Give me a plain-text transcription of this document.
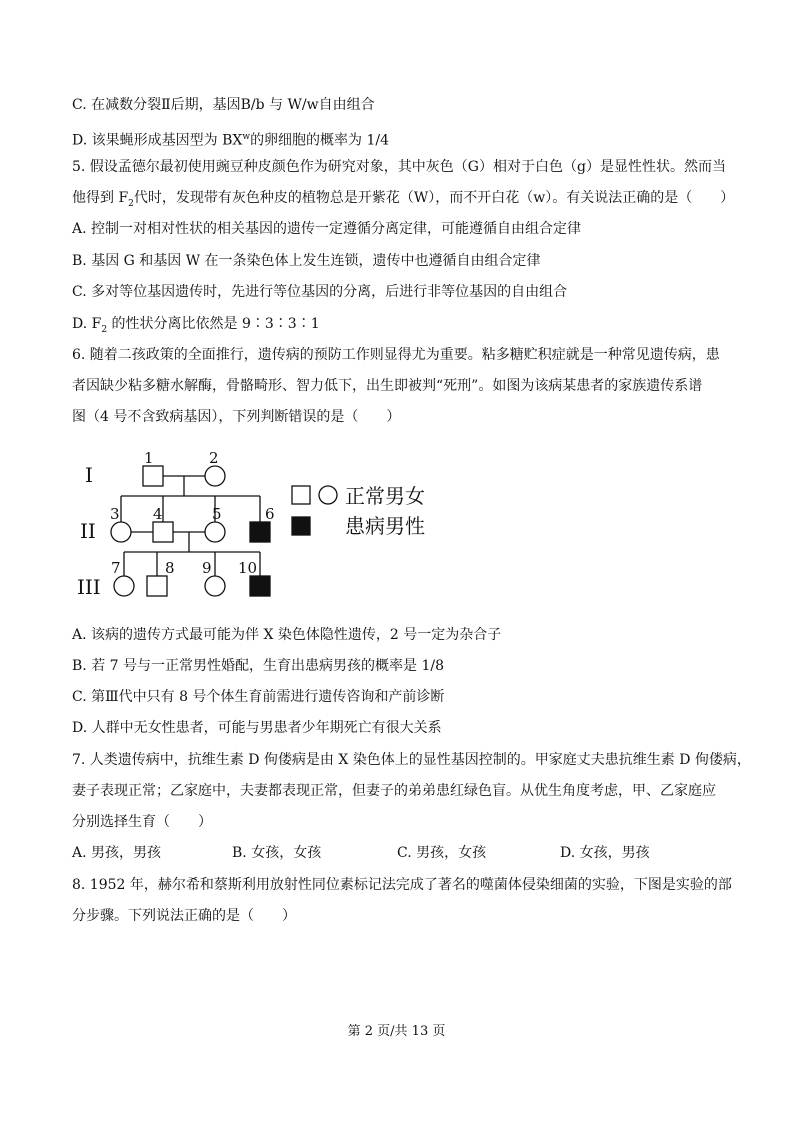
C. 在减数分裂Ⅱ后期，基因B/b 与 W/w自由组合
D. 该果蝇形成基因型为 $BX^w$的卵细胞的概率为 1/4
5. 假设孟德尔最初使用豌豆种皮颜色作为研究对象，其中灰色（G）相对于白色（g）是显性性状。然而当
他得到 $F_2$代时，发现带有灰色种皮的植物总是开紫花（W），而不开白花（w）。有关说法正确的是（　　）
A. 控制一对相对性状的相关基因的遗传一定遵循分离定律，可能遵循自由组合定律
B. 基因 G 和基因 W 在一条染色体上发生连锁，遗传中也遵循自由组合定律
C. 多对等位基因遗传时，先进行等位基因的分离，后进行非等位基因的自由组合
D. $F_2$ 的性状分离比依然是 9∶3∶3∶1
6. 随着二孩政策的全面推行，遗传病的预防工作则显得尤为重要。粘多糖贮积症就是一种常见遗传病，患
者因缺少粘多糖水解酶，骨骼畸形、智力低下，出生即被判“死刑”。如图为该病某患者的家族遗传系谱
图（4 号不含致病基因），下列判断错误的是（　　）
I
II
III
1	2
3 4	5	6
7	8 9 10
正常男女
患病男性
A. 该病的遗传方式最可能为伴 X 染色体隐性遗传，2 号一定为杂合子
B. 若 7 号与一正常男性婚配，生育出患病男孩的概率是 1/8
C. 第Ⅲ代中只有 8 号个体生育前需进行遗传咨询和产前诊断
D. 人群中无女性患者，可能与男患者少年期死亡有很大关系
7. 人类遗传病中，抗维生素 D 佝偻病是由 X 染色体上的显性基因控制的。甲家庭丈夫患抗维生素 D 佝偻病，
妻子表现正常；乙家庭中，夫妻都表现正常，但妻子的弟弟患红绿色盲。从优生角度考虑，甲、乙家庭应
分别选择生育（　　）
A. 男孩，男孩	B. 女孩，女孩	C. 男孩，女孩	D. 女孩，男孩
8. 1952 年，赫尔希和蔡斯利用放射性同位素标记法完成了著名的噬菌体侵染细菌的实验，下图是实验的部
分步骤。下列说法正确的是（　　）
第 2 页/共 13 页
